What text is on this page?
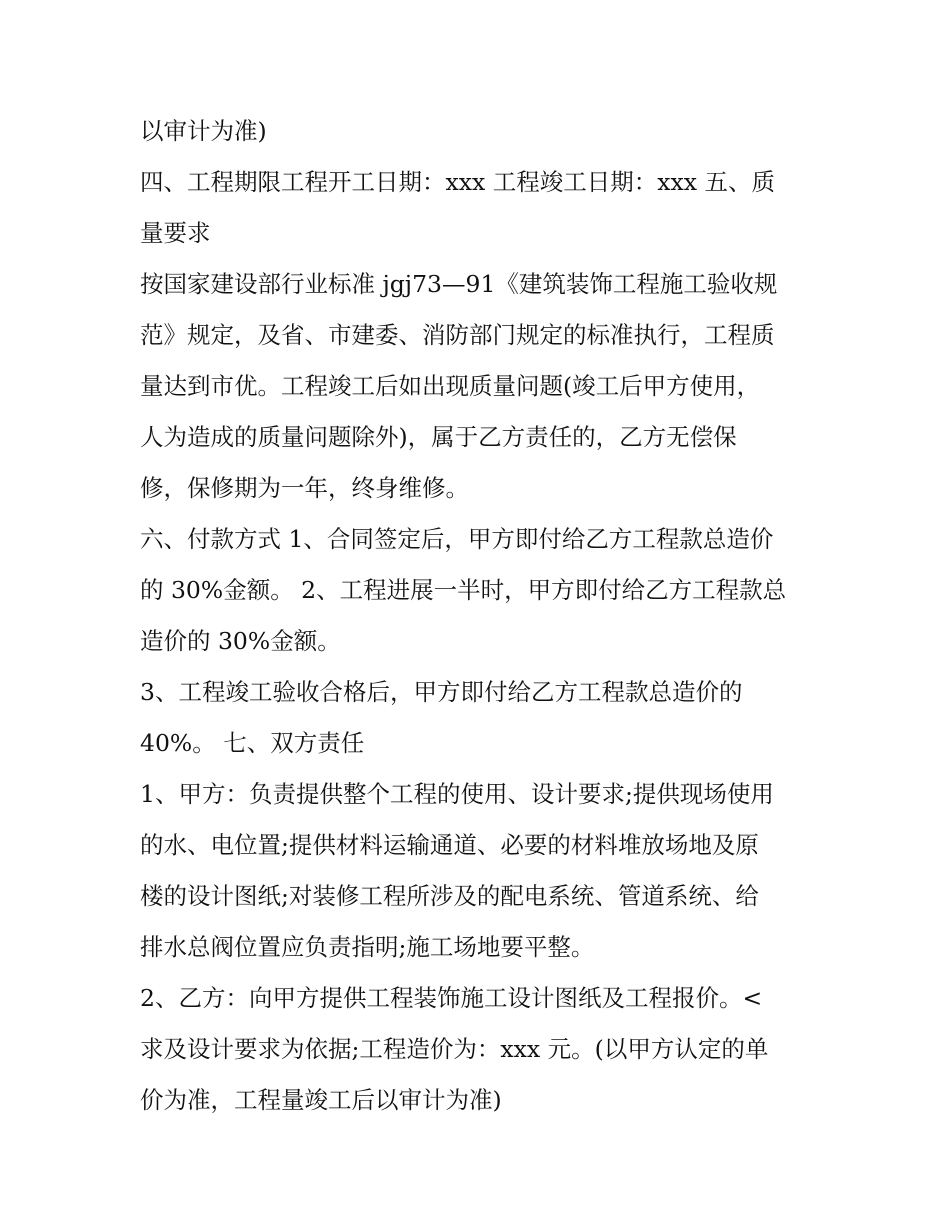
以审计为准)
四、工程期限工程开工日期：xxx 工程竣工日期：xxx 五、质
量要求
按国家建设部行业标准 jgj73—91《建筑装饰工程施工验收规
范》规定，及省、市建委、消防部门规定的标准执行，工程质
量达到市优。工程竣工后如出现质量问题(竣工后甲方使用，
人为造成的质量问题除外)，属于乙方责任的，乙方无偿保
修，保修期为一年，终身维修。
六、付款方式 1、合同签定后，甲方即付给乙方工程款总造价
的 30%金额。 2、工程进展一半时，甲方即付给乙方工程款总
造价的 30%金额。
3、工程竣工验收合格后，甲方即付给乙方工程款总造价的
40%。 七、双方责任
1、甲方：负责提供整个工程的使用、设计要求;提供现场使用
的水、电位置;提供材料运输通道、必要的材料堆放场地及原
楼的设计图纸;对装修工程所涉及的配电系统、管道系统、给
排水总阀位置应负责指明;施工场地要平整。
2、乙方：向甲方提供工程装饰施工设计图纸及工程报价。<
求及设计要求为依据;工程造价为：xxx 元。(以甲方认定的单
价为准，工程量竣工后以审计为准)
